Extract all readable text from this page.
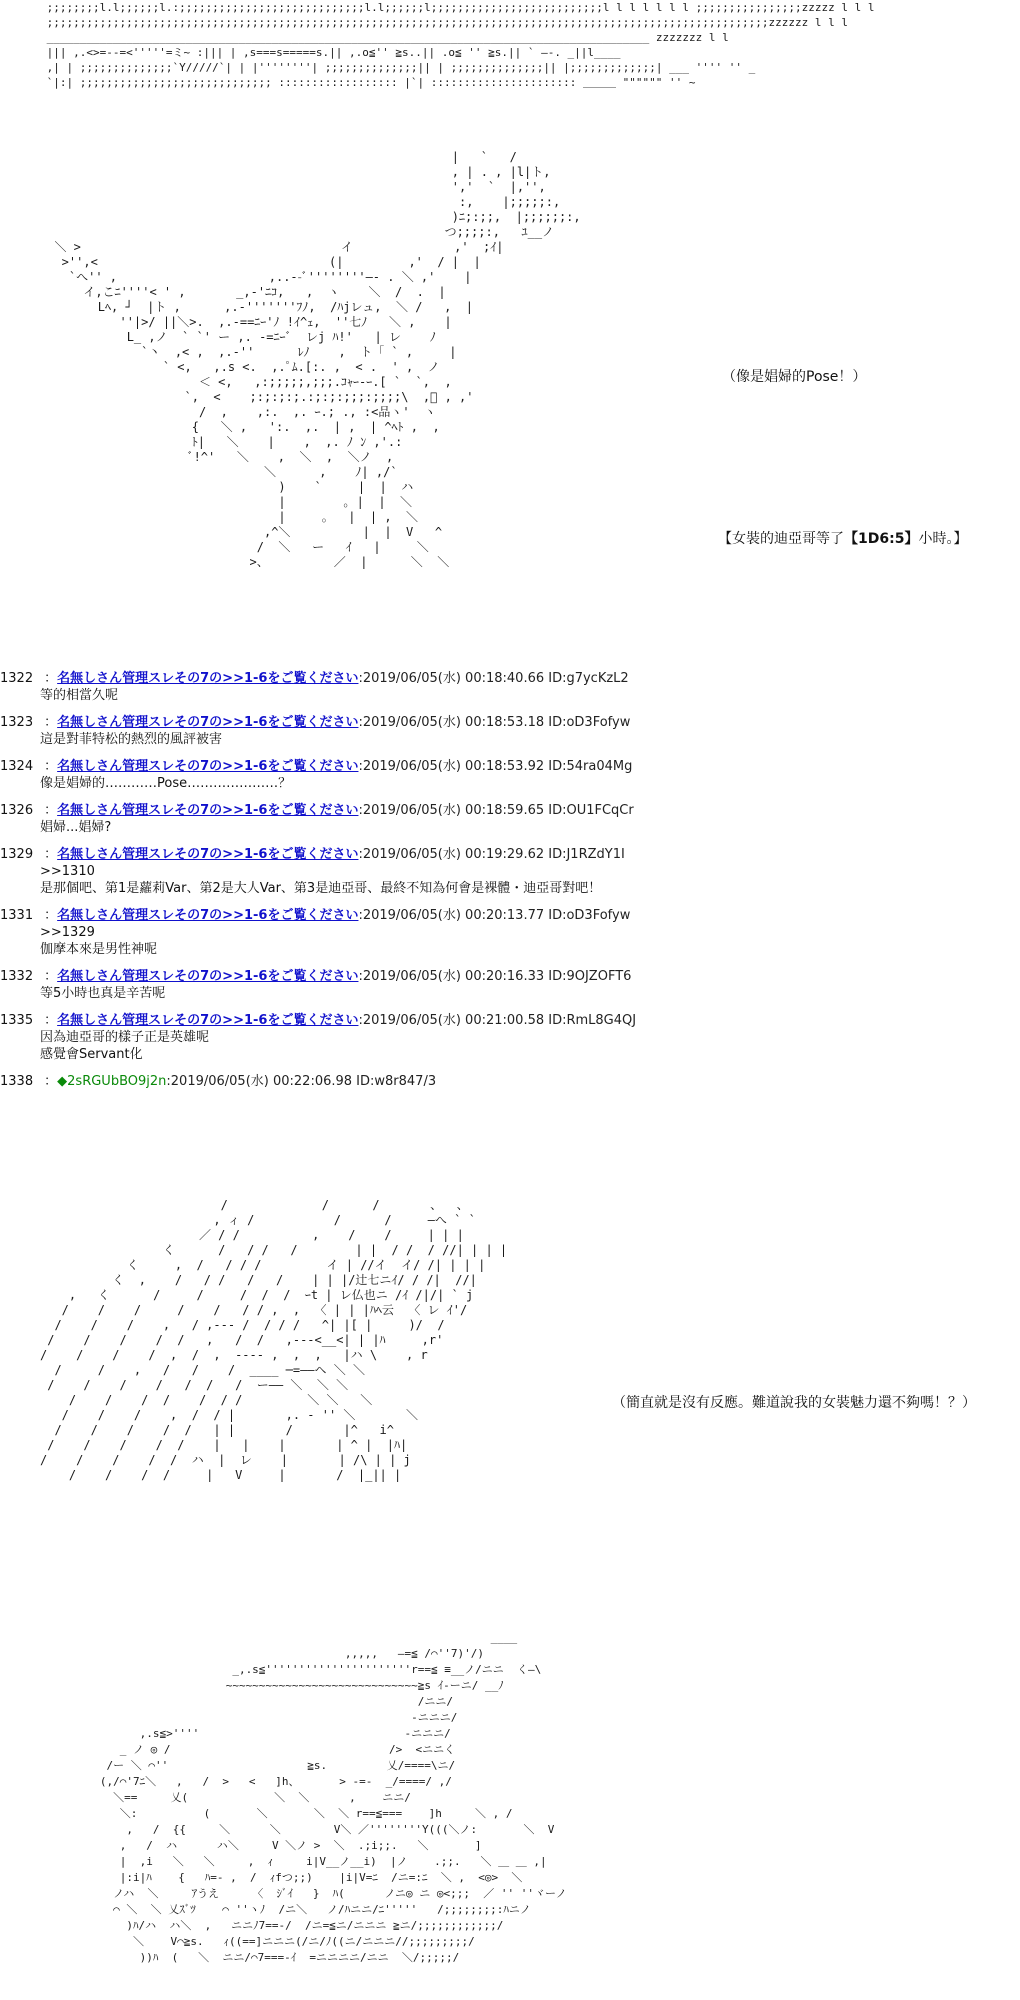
;;;;;;;;l.l;;;;;;l.:;;;;;;;;;;;;;;;;;;;;;;;;;;;;l.l;;;;;;l;;;;;;;;;;;;;;;;;;;;;;;;;;l l l l l l l ;;;;;;;;;;;;;;;;zzzzz l l l
;;;;;;;;;;;;;;;;;;;;;;;;;;;;;;;;;;;;;;;;;;;;;;;;;;;;;;;;;;;;;;;;;;;;;;;;;;;;;;;;;;;;;;;;;;;;;;;;;;;;;;;;;;;;;zzzzzz l l l
___________________________________________________________________________________________ zzzzzzz l l
||| ,.<>=--=<'''''=ミ~ :||| | ,s===s=====s.|| ,.o≦'' ≧s..|| .o≦ '' ≧s.|| ` ―-. _||l____
,| | ;;;;;;;;;;;;;;`Y/////`| | |''''''''| ;;;;;;;;;;;;;;|| | ;;;;;;;;;;;;;;|| |;;;;;;;;;;;;;| ___ '''' '' _
`|:| ;;;;;;;;;;;;;;;;;;;;;;;;;;;;; :::::::::::::::::: |`| :::::::::::::::::::::: ＿＿＿ """""" '' ~
|   `   /
, | . , |l|ト,
','  `  |,'',
:,    |;;;;;:,
)ﾆ;:;;,  |;;;;;;:,
つ;;;;:,   ﾕ__ノ
＼ >                                    イ              ,'  ;ｲ|
>'',<                                (|         ,'  / |  |
`へ'' ,                     ,..--ﾞ''''''''―- . ＼ ,'    |
イ,こﾆ''''< ' ,       _,-'ﾆｺ,   ,  ヽ    ＼  /  .  |
Lﾍ, ┘  |ト ,      ,.-'''''''ﾌﾉ,  /ﾊjレュ,  ＼ /   ,  |
''|>/ ||＼>.  ,.-==ﾆｰ'ﾉ !ｲ^ｪ,  ''七ﾉ   ＼ ,    |
L_ ,ノ  ` `' ー ,. -=ﾆｰﾞ  レj ﾊ!'   | レ    ﾉ
`丶  ,< ,  ,.-''      ﾚﾉ    ,  ト「 ` ,     |
` <,   ,.s <.  ,.ﾟﾑ.[:. ,  < .  ' ,  ノ
＜ <,   ,:;;;;;,;;;.ｺｬｰ-ｰ.[ `  `,  ,
`,  <    ;:;:;:;.:;:;:;;;:;;;;\  ,ﾟ , ,'
/  ,    ,:.  ,. ｰ.; ., :<品ヽ'  ヽ
{   ＼ ,   ':.  ,.  | ,  | ^ﾍﾄ ,  ,
ﾄ|   ＼    |    ,  ,. ﾉ ﾝ ,'.:
ﾞ!^'   ＼    ,  ＼  ,  ＼ノ  ,
＼      ,    ﾉ| ,/`
)    `     |  |  ハ
|        ｡ |  |  ＼
|     。  |  | ,  ＼
,^＼          |  |  V   ^
/  ＼   ー   ｲ   |     ＼
>、         ／  |      ＼  ＼
（像是娼婦的Pose！）
【女裝的迪亞哥等了【1D6:5】小時。】
1322 ：名無しさん管理スレその7の>>1-6をご覧ください:2019/06/05(水) 00:18:40.66 ID:g7ycKzL2
等的相當久呢
1323 ：名無しさん管理スレその7の>>1-6をご覧ください:2019/06/05(水) 00:18:53.18 ID:oD3Fofyw
這是對菲特松的熱烈的風評被害
1324 ：名無しさん管理スレその7の>>1-6をご覧ください:2019/06/05(水) 00:18:53.92 ID:54ra04Mg
像是娼婦的…………Pose…………………？
1326 ：名無しさん管理スレその7の>>1-6をご覧ください:2019/06/05(水) 00:18:59.65 ID:OU1FCqCr
娼婦...娼婦?
1329 ：名無しさん管理スレその7の>>1-6をご覧ください:2019/06/05(水) 00:19:29.62 ID:J1RZdY1I
>>1310
是那個吧、第1是蘿莉Var、第2是大人Var、第3是迪亞哥、最終不知為何會是裸體・迪亞哥對吧！
1331 ：名無しさん管理スレその7の>>1-6をご覧ください:2019/06/05(水) 00:20:13.77 ID:oD3Fofyw
>>1329
伽摩本來是男性神呢
1332 ：名無しさん管理スレその7の>>1-6をご覧ください:2019/06/05(水) 00:20:16.33 ID:9OJZOFT6
等5小時也真是辛苦呢
1335 ：名無しさん管理スレその7の>>1-6をご覧ください:2019/06/05(水) 00:21:00.58 ID:RmL8G4QJ
因為迪亞哥的樣子正是英雄呢
感覺會Servant化
1338 ：◆2sRGUbBO9j2n:2019/06/05(水) 00:22:06.98 ID:w8r847/3
/             /      /       、  、
, ィ /           /      /     ―へ ` `
／ / /          ,    /    /     | | |
く      /   / /   /        | |  / /  / //| | | |
く     ,  /   / / /         イ | //イ  イ/ /| | | |
く  ,    /   / /   /   /    | | |/辻七ニｲ/ / /|  //|
,   く      /     /     /  /  /  ｰt | レ仏也ニ /ｲ /|/| ` j
/    /    /     /    /   / / ,  ,  〈 | | |ﾊﾍ云  〈 レ ｲ'/
/    /    /    ,   / ,--- /  / / /   ^| |[ |     )/  /
/    /    /    /  /   ,   /  /   ,---<__<| | |ﾊ     ,r'
/    /    /    /  ,  /  ,  ---- ,  ,  ,   |ハ \    , r
/     /    ,   /   /    /  ____ ─=――ヘ ＼ ＼
/    /    /    /   /  /   /  ー―― ＼  ＼ ＼
/    /    /  /    /  / /         ＼ ＼   ＼
/    /    /    ,  /  / |       ,. - '' ＼       ＼
/    /    /    /  /   | |       /       |^   i^
/    /    /    /  /    |   |    |       | ^ |  |ﾊ|
/    /    /    /  /  ハ  |  レ    |       | /\ | | j
/    /    /  /     |   V     |       /  |_|| |
（簡直就是沒有反應。難道說我的女裝魅力還不夠嗎！？）
____
,,,,,   ―=≦ /⌒''7)'/)
_,.s≦''''''''''''''''''''''r==≦ ≡__ノ/ニニ  く―\
~~~~~~~~~~~~~~~~~~~~~~~~~~~~~≧s ｲ-ーニ/ __ﾉ
/ニニ/
-ニニニ/
,.s≦>''''                               -ニニニ/
_ ノ ◎ /                                 />  <ニニく
/ー ＼ ⌒''                     ≧s.         乂/====\ニ/
(,/⌒'7ﾆ＼   ,   /  >   <   ]h、      > -=-  _/====/ ,/
＼==     乂(             ＼  ＼      ,    ニニ/
＼:          (       ＼       ＼  ＼ r==≦===    ]h     ＼ , /
,   /  {{     ＼      ＼        V＼ ／''''''''Y(((＼ノ:       ＼  V
,   /  ハ      ハ＼     V ＼ノ >  ＼  .;i;;.   ＼       ]
|  ,i   ＼   ＼     ,  ｨ     i|V__ノ__i)  |ノ    .;;.   ＼ ＿ ＿ ,|
|:i|ﾊ    {   ﾊ=- ,  /  ｨfつ;;)    |i|V=ﾆ  /ニ=:ﾆ  ＼ ,  <◎>  ＼
ノハ  ＼     ｱうえ     〈  ｼﾞｲ   }  ﾊ(      ノニ◎ ニ ◎<;;;  ／ '' ''ヾーノ
⌒ ＼  ＼ 乂ｽﾞﾂ    ⌒ ''ヽﾉ  /ニ＼   ノ/ﾊニニ/ﾆ'''''   /;;;;;;;;:ﾊニノ
)ﾊ/ハ  ハ＼  ,   ニニﾉ7==-/  /ニ=≦ニ/ニニニ ≧ニ/;;;;;;;;;;;;/
＼    V⌒≧s.   ｨ((==]ニニニ(/ニ/ﾉ((ニ/ニニニ//;;;;;;;;;/
))ﾊ  (   ＼  ニニ/⌒7===-ｲ  =ニニニニ/ニニ  ＼/;;;;;/
